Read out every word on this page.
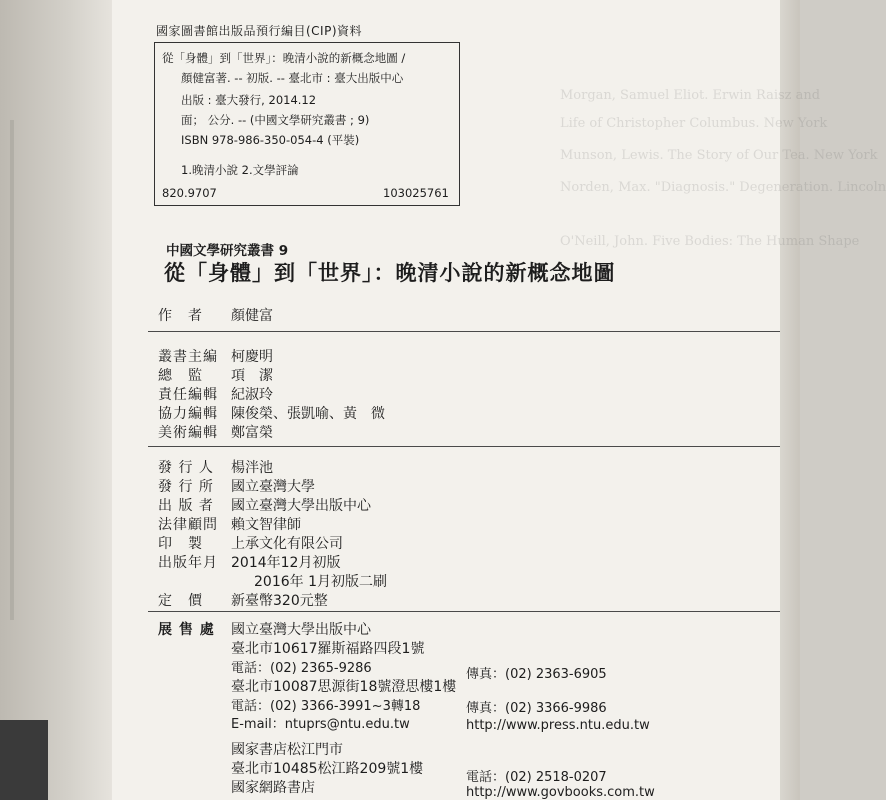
Morgan, Samuel Eliot. Erwin Raisz and
Life of Christopher Columbus. New York
Munson, Lewis. The Story of Our Tea. New York
Norden, Max. "Diagnosis." Degeneration. Lincoln
O'Neill, John. Five Bodies: The Human Shape
國家圖書館出版品預行編目(CIP)資料
從「身體」到「世界」：晚清小說的新概念地圖 /
顏健富著. -- 初版. -- 臺北市 : 臺大出版中心
出版 : 臺大發行, 2014.12
面； 公分. -- (中國文學研究叢書 ; 9)
ISBN 978-986-350-054-4 (平裝)
1.晚清小說 2.文學評論
820.9707	103025761
中國文學研究叢書 9
從「身體」到「世界」：晚清小說的新概念地圖
作　者 顏健富
叢書主編 柯慶明
總　監 項　潔
責任編輯 紀淑玲
協力編輯 陳俊榮、張凱喻、黃　微
美術編輯 鄭富榮
發 行 人 楊泮池
發 行 所 國立臺灣大學
出 版 者 國立臺灣大學出版中心
法律顧問 賴文智律師
印　製 上承文化有限公司
出版年月 2014年12月初版
2016年 1月初版二刷
定　價 新臺幣320元整
展 售 處 國立臺灣大學出版中心
臺北市10617羅斯福路四段1號
電話：(02) 2365-9286	傳真：(02) 2363-6905
臺北市10087思源街18號澄思樓1樓
電話：(02) 3366-3991~3轉18	傳真：(02) 3366-9986
E-mail：ntuprs@ntu.edu.tw	http://www.press.ntu.edu.tw
國家書店松江門市
臺北市10485松江路209號1樓
國家網路書店
電話：(02) 2518-0207
http://www.govbooks.com.tw
